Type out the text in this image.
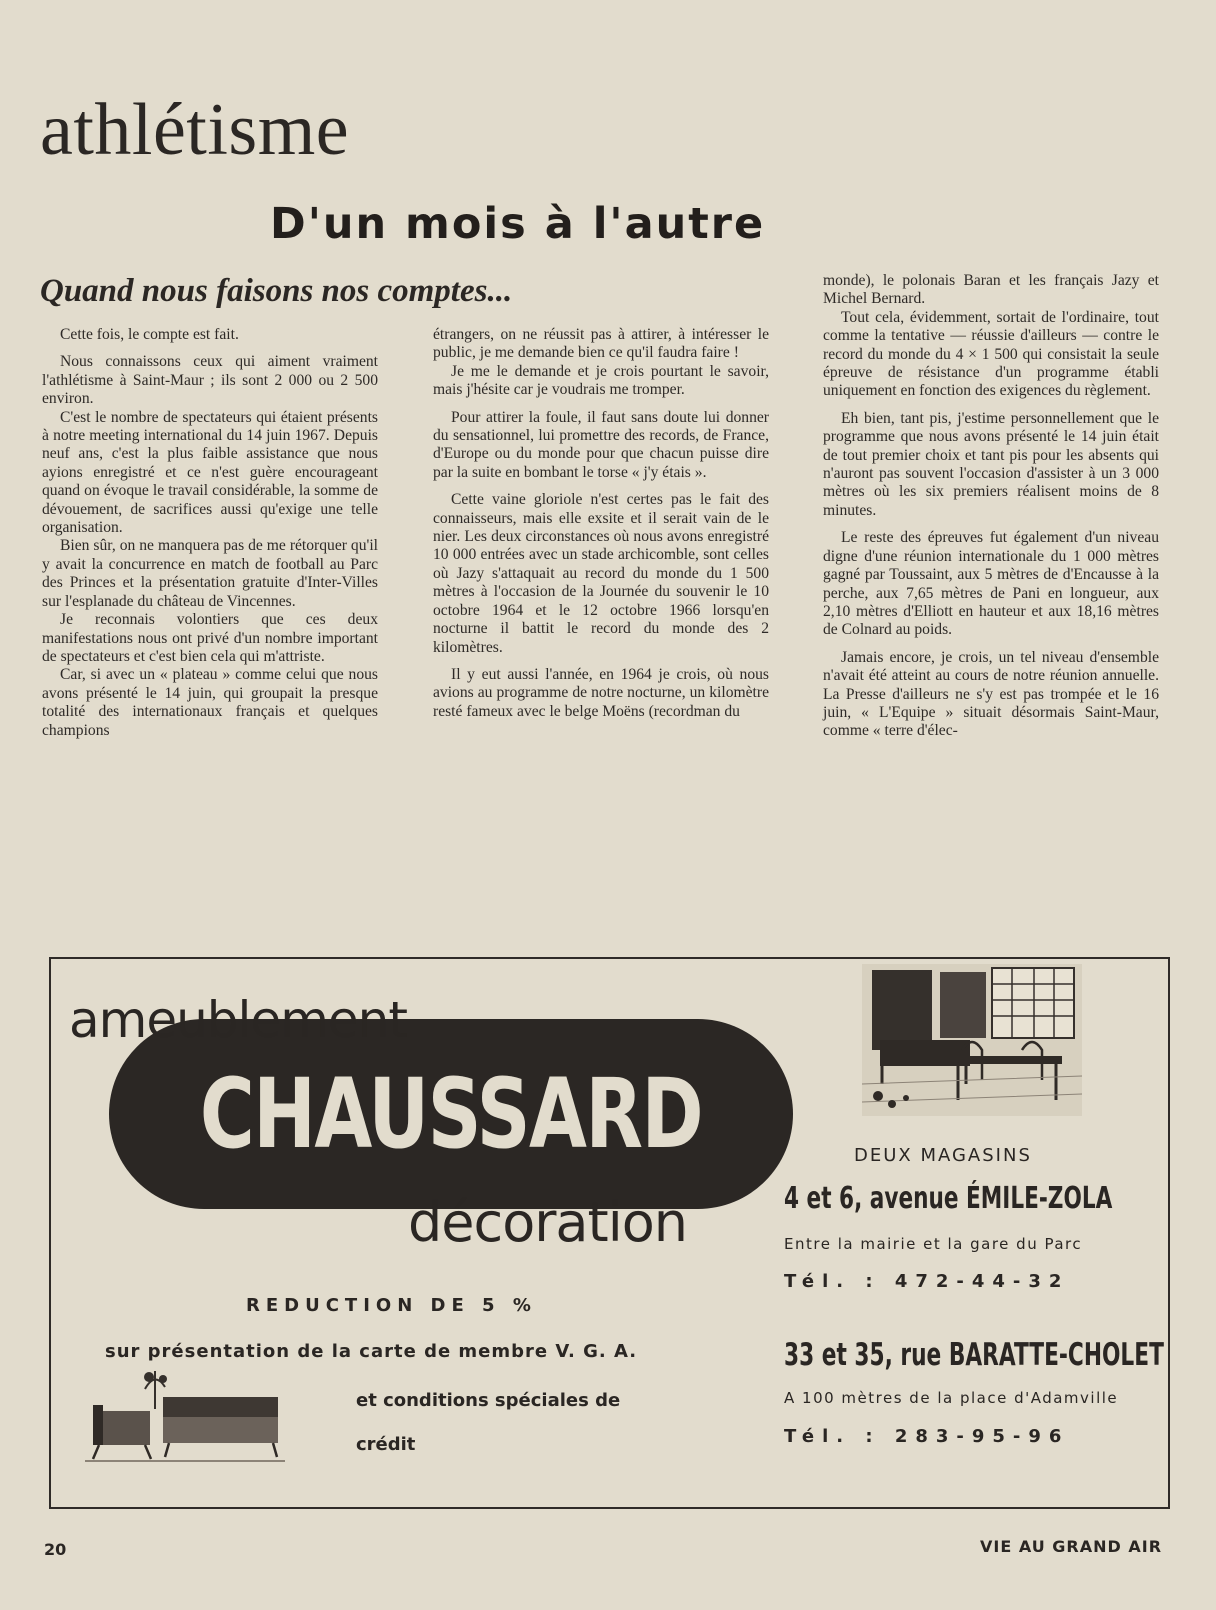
athlétisme
D'un mois à l'autre
Quand nous faisons nos comptes...

Cette fois, le compte est fait.

Nous connaissons ceux qui aiment vraiment l'athlétisme à Saint-Maur ; ils sont 2 000 ou 2 500 environ.

C'est le nombre de spectateurs qui étaient présents à notre meeting international du 14 juin 1967. Depuis neuf ans, c'est la plus faible assistance que nous ayions enregistré et ce n'est guère encourageant quand on évoque le travail considérable, la somme de dévouement, de sacrifices aussi qu'exige une telle organisation.

Bien sûr, on ne manquera pas de me rétorquer qu'il y avait la concurrence en match de football au Parc des Princes et la présentation gratuite d'Inter-Villes sur l'esplanade du château de Vincennes.

Je reconnais volontiers que ces deux manifestations nous ont privé d'un nombre important de spectateurs et c'est bien cela qui m'attriste.

Car, si avec un « plateau » comme celui que nous avons présenté le 14 juin, qui groupait la presque totalité des internationaux français et quelques champions

étrangers, on ne réussit pas à attirer, à intéresser le public, je me demande bien ce qu'il faudra faire !

Je me le demande et je crois pourtant le savoir, mais j'hésite car je voudrais me tromper.

Pour attirer la foule, il faut sans doute lui donner du sensationnel, lui promettre des records, de France, d'Europe ou du monde pour que chacun puisse dire par la suite en bombant le torse « j'y étais ».

Cette vaine gloriole n'est certes pas le fait des connaisseurs, mais elle exsite et il serait vain de le nier. Les deux circonstances où nous avons enregistré 10 000 entrées avec un stade archicomble, sont celles où Jazy s'attaquait au record du monde du 1 500 mètres à l'occasion de la Journée du souvenir le 10 octobre 1964 et le 12 octobre 1966 lorsqu'en nocturne il battit le record du monde des 2 kilomètres.

Il y eut aussi l'année, en 1964 je crois, où nous avions au programme de notre nocturne, un kilomètre resté fameux avec le belge Moëns (recordman du

monde), le polonais Baran et les français Jazy et Michel Bernard.

Tout cela, évidemment, sortait de l'ordinaire, tout comme la tentative — réussie d'ailleurs — contre le record du monde du 4 × 1 500 qui consistait la seule épreuve de résistance d'un programme établi uniquement en fonction des exigences du règlement.

Eh bien, tant pis, j'estime personnellement que le programme que nous avons présenté le 14 juin était de tout premier choix et tant pis pour les absents qui n'auront pas souvent l'occasion d'assister à un 3 000 mètres où les six premiers réalisent moins de 8 minutes.

Le reste des épreuves fut également d'un niveau digne d'une réunion internationale du 1 000 mètres gagné par Toussaint, aux 5 mètres de d'Encausse à la perche, aux 7,65 mètres de Pani en longueur, aux 2,10 mètres d'Elliott en hauteur et aux 18,16 mètres de Colnard au poids.

Jamais encore, je crois, un tel niveau d'ensemble n'avait été atteint au cours de notre réunion annuelle. La Presse d'ailleurs ne s'y est pas trompée et le 16 juin, « L'Equipe » situait désormais Saint-Maur, comme « terre d'élec-

CHAUSSARD

ameublement

décoration

DEUX MAGASINS

4 et 6, avenue ÉMILE-ZOLA

Entre la mairie et la gare du Parc

Tél. : 472-44-32

REDUCTION DE 5 %

sur présentation de la carte de membre V. G. A.

et conditions spéciales de crédit

33 et 35, rue BARATTE-CHOLET

A 100 mètres de la place d'Adamville

Tél. : 283-95-96

20	VIE AU GRAND AIR
